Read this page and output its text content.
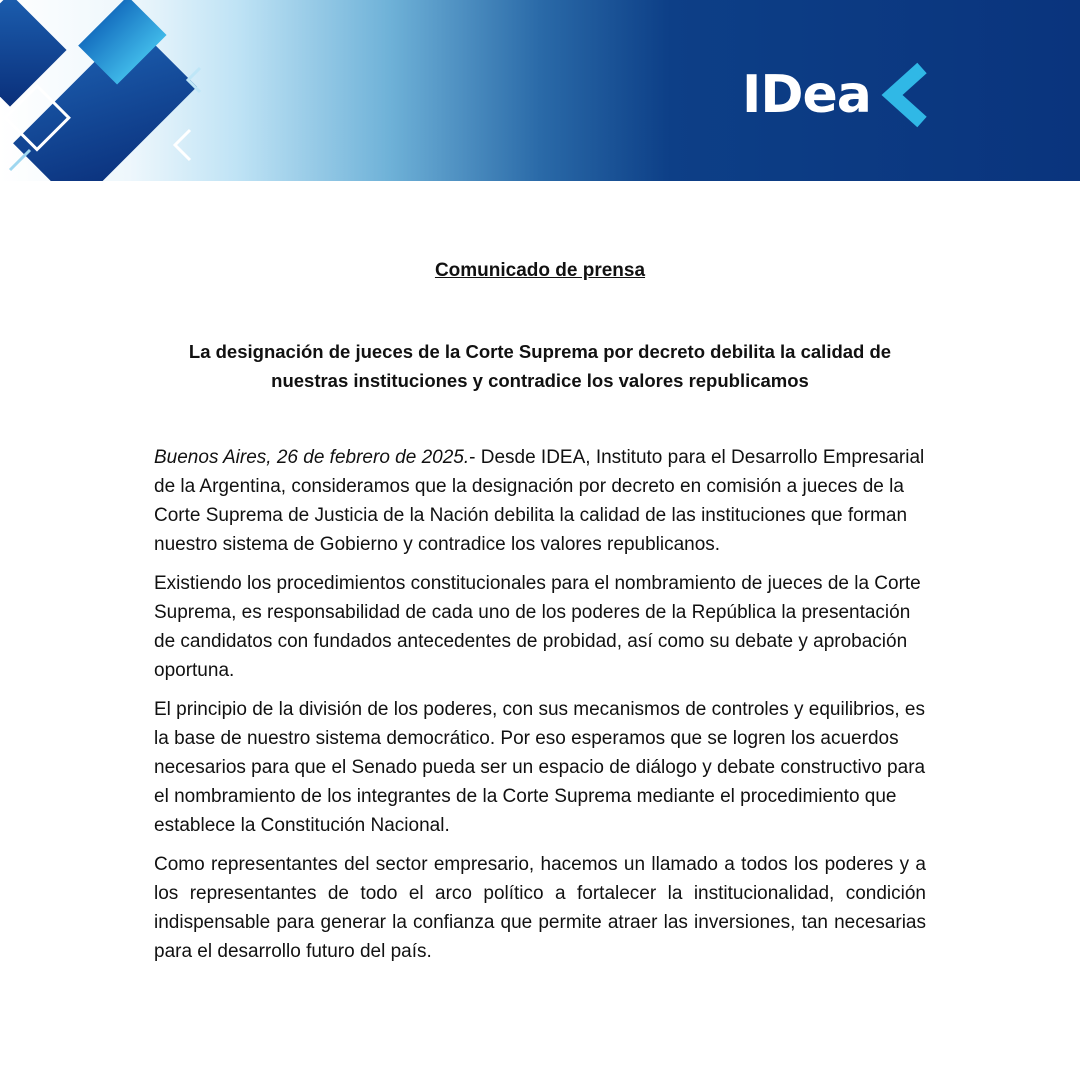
IDea

Comunicado de prensa

La designación de jueces de la Corte Suprema por decreto debilita la calidad de
nuestras instituciones y contradice los valores republicamos

Buenos Aires, 26 de febrero de 2025.- Desde IDEA, Instituto para el Desarrollo Empresarial de la Argentina, consideramos que la designación por decreto en comisión a jueces de la Corte Suprema de Justicia de la Nación debilita la calidad de las instituciones que forman nuestro sistema de Gobierno y contradice los valores republicanos.

Existiendo los procedimientos constitucionales para el nombramiento de jueces de la Corte Suprema, es responsabilidad de cada uno de los poderes de la República la presentación de candidatos con fundados antecedentes de probidad, así como su debate y aprobación oportuna.

El principio de la división de los poderes, con sus mecanismos de controles y equilibrios, es la base de nuestro sistema democrático. Por eso esperamos que se logren los acuerdos necesarios para que el Senado pueda ser un espacio de diálogo y debate constructivo para el nombramiento de los integrantes de la Corte Suprema mediante el procedimiento que establece la Constitución Nacional.

Como representantes del sector empresario, hacemos un llamado a todos los poderes y a los representantes de todo el arco político a fortalecer la institucionalidad, condición indispensable para generar la confianza que permite atraer las inversiones, tan necesarias para el desarrollo futuro del país.
